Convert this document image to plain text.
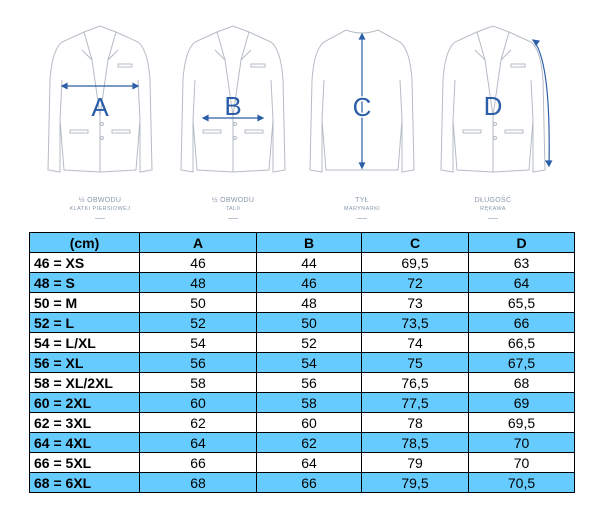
A	B	C	D
½ OBWODU
KLATKI PIERSIOWEJ
½ OBWODU
TALII
TYŁ
MARYNARKI
DŁUGOŚĆ
RĘKAWA
(cm)	A	B	C	D
46 = XS	46	44	69,5	63
48 = S	48	46	72	64
50 = M	50	48	73	65,5
52 = L	52	50	73,5	66
54 = L/XL	54	52	74	66,5
56 = XL	56	54	75	67,5
58 = XL/2XL	58	56	76,5	68
60 = 2XL	60	58	77,5	69
62 = 3XL	62	60	78	69,5
64 = 4XL	64	62	78,5	70
66 = 5XL	66	64	79	70
68 = 6XL	68	66	79,5	70,5
